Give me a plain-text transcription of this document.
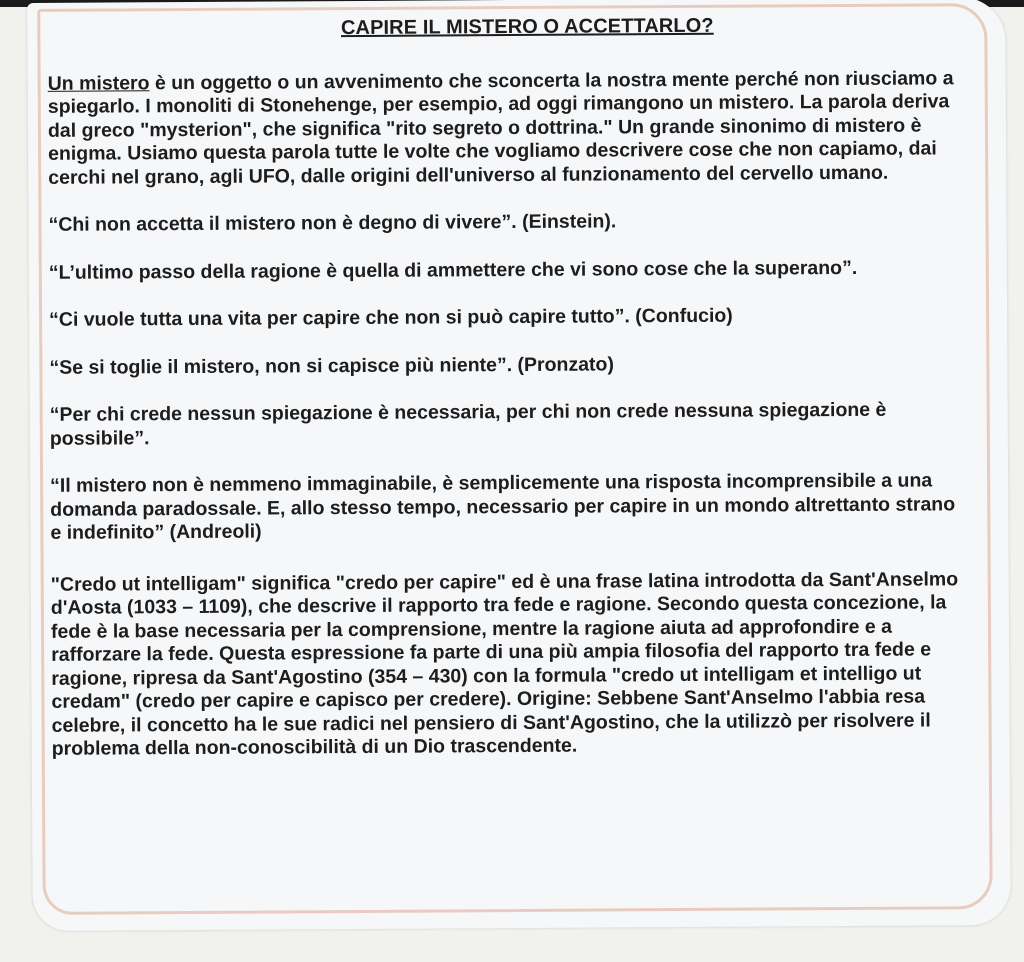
CAPIRE IL MISTERO O ACCETTARLO?

Un mistero è un oggetto o un avvenimento che sconcerta la nostra mente perché non riusciamo a spiegarlo. I monoliti di Stonehenge, per esempio, ad oggi rimangono un mistero. La parola deriva dal greco "mysterion", che significa "rito segreto o dottrina." Un grande sinonimo di mistero è enigma. Usiamo questa parola tutte le volte che vogliamo descrivere cose che non capiamo, dai cerchi nel grano, agli UFO, dalle origini dell'universo al funzionamento del cervello umano.

“Chi non accetta il mistero non è degno di vivere”. (Einstein).

“L’ultimo passo della ragione è quella di ammettere che vi sono cose che la superano”.

“Ci vuole tutta una vita per capire che non si può capire tutto”. (Confucio)

“Se si toglie il mistero, non si capisce più niente”. (Pronzato)

“Per chi crede nessun spiegazione è necessaria, per chi non crede nessuna spiegazione è possibile”.

“Il mistero non è nemmeno immaginabile, è semplicemente una risposta incomprensibile a una domanda paradossale. E, allo stesso tempo, necessario per capire in un mondo altrettanto strano e indefinito” (Andreoli)

"Credo ut intelligam" significa "credo per capire" ed è una frase latina introdotta da Sant'Anselmo d'Aosta (1033 – 1109), che descrive il rapporto tra fede e ragione. Secondo questa concezione, la fede è la base necessaria per la comprensione, mentre la ragione aiuta ad approfondire e a rafforzare la fede. Questa espressione fa parte di una più ampia filosofia del rapporto tra fede e ragione, ripresa da Sant'Agostino (354 – 430) con la formula "credo ut intelligam et intelligo ut credam" (credo per capire e capisco per credere). Origine: Sebbene Sant'Anselmo l'abbia resa celebre, il concetto ha le sue radici nel pensiero di Sant'Agostino, che la utilizzò per risolvere il problema della non-conoscibilità di un Dio trascendente.
